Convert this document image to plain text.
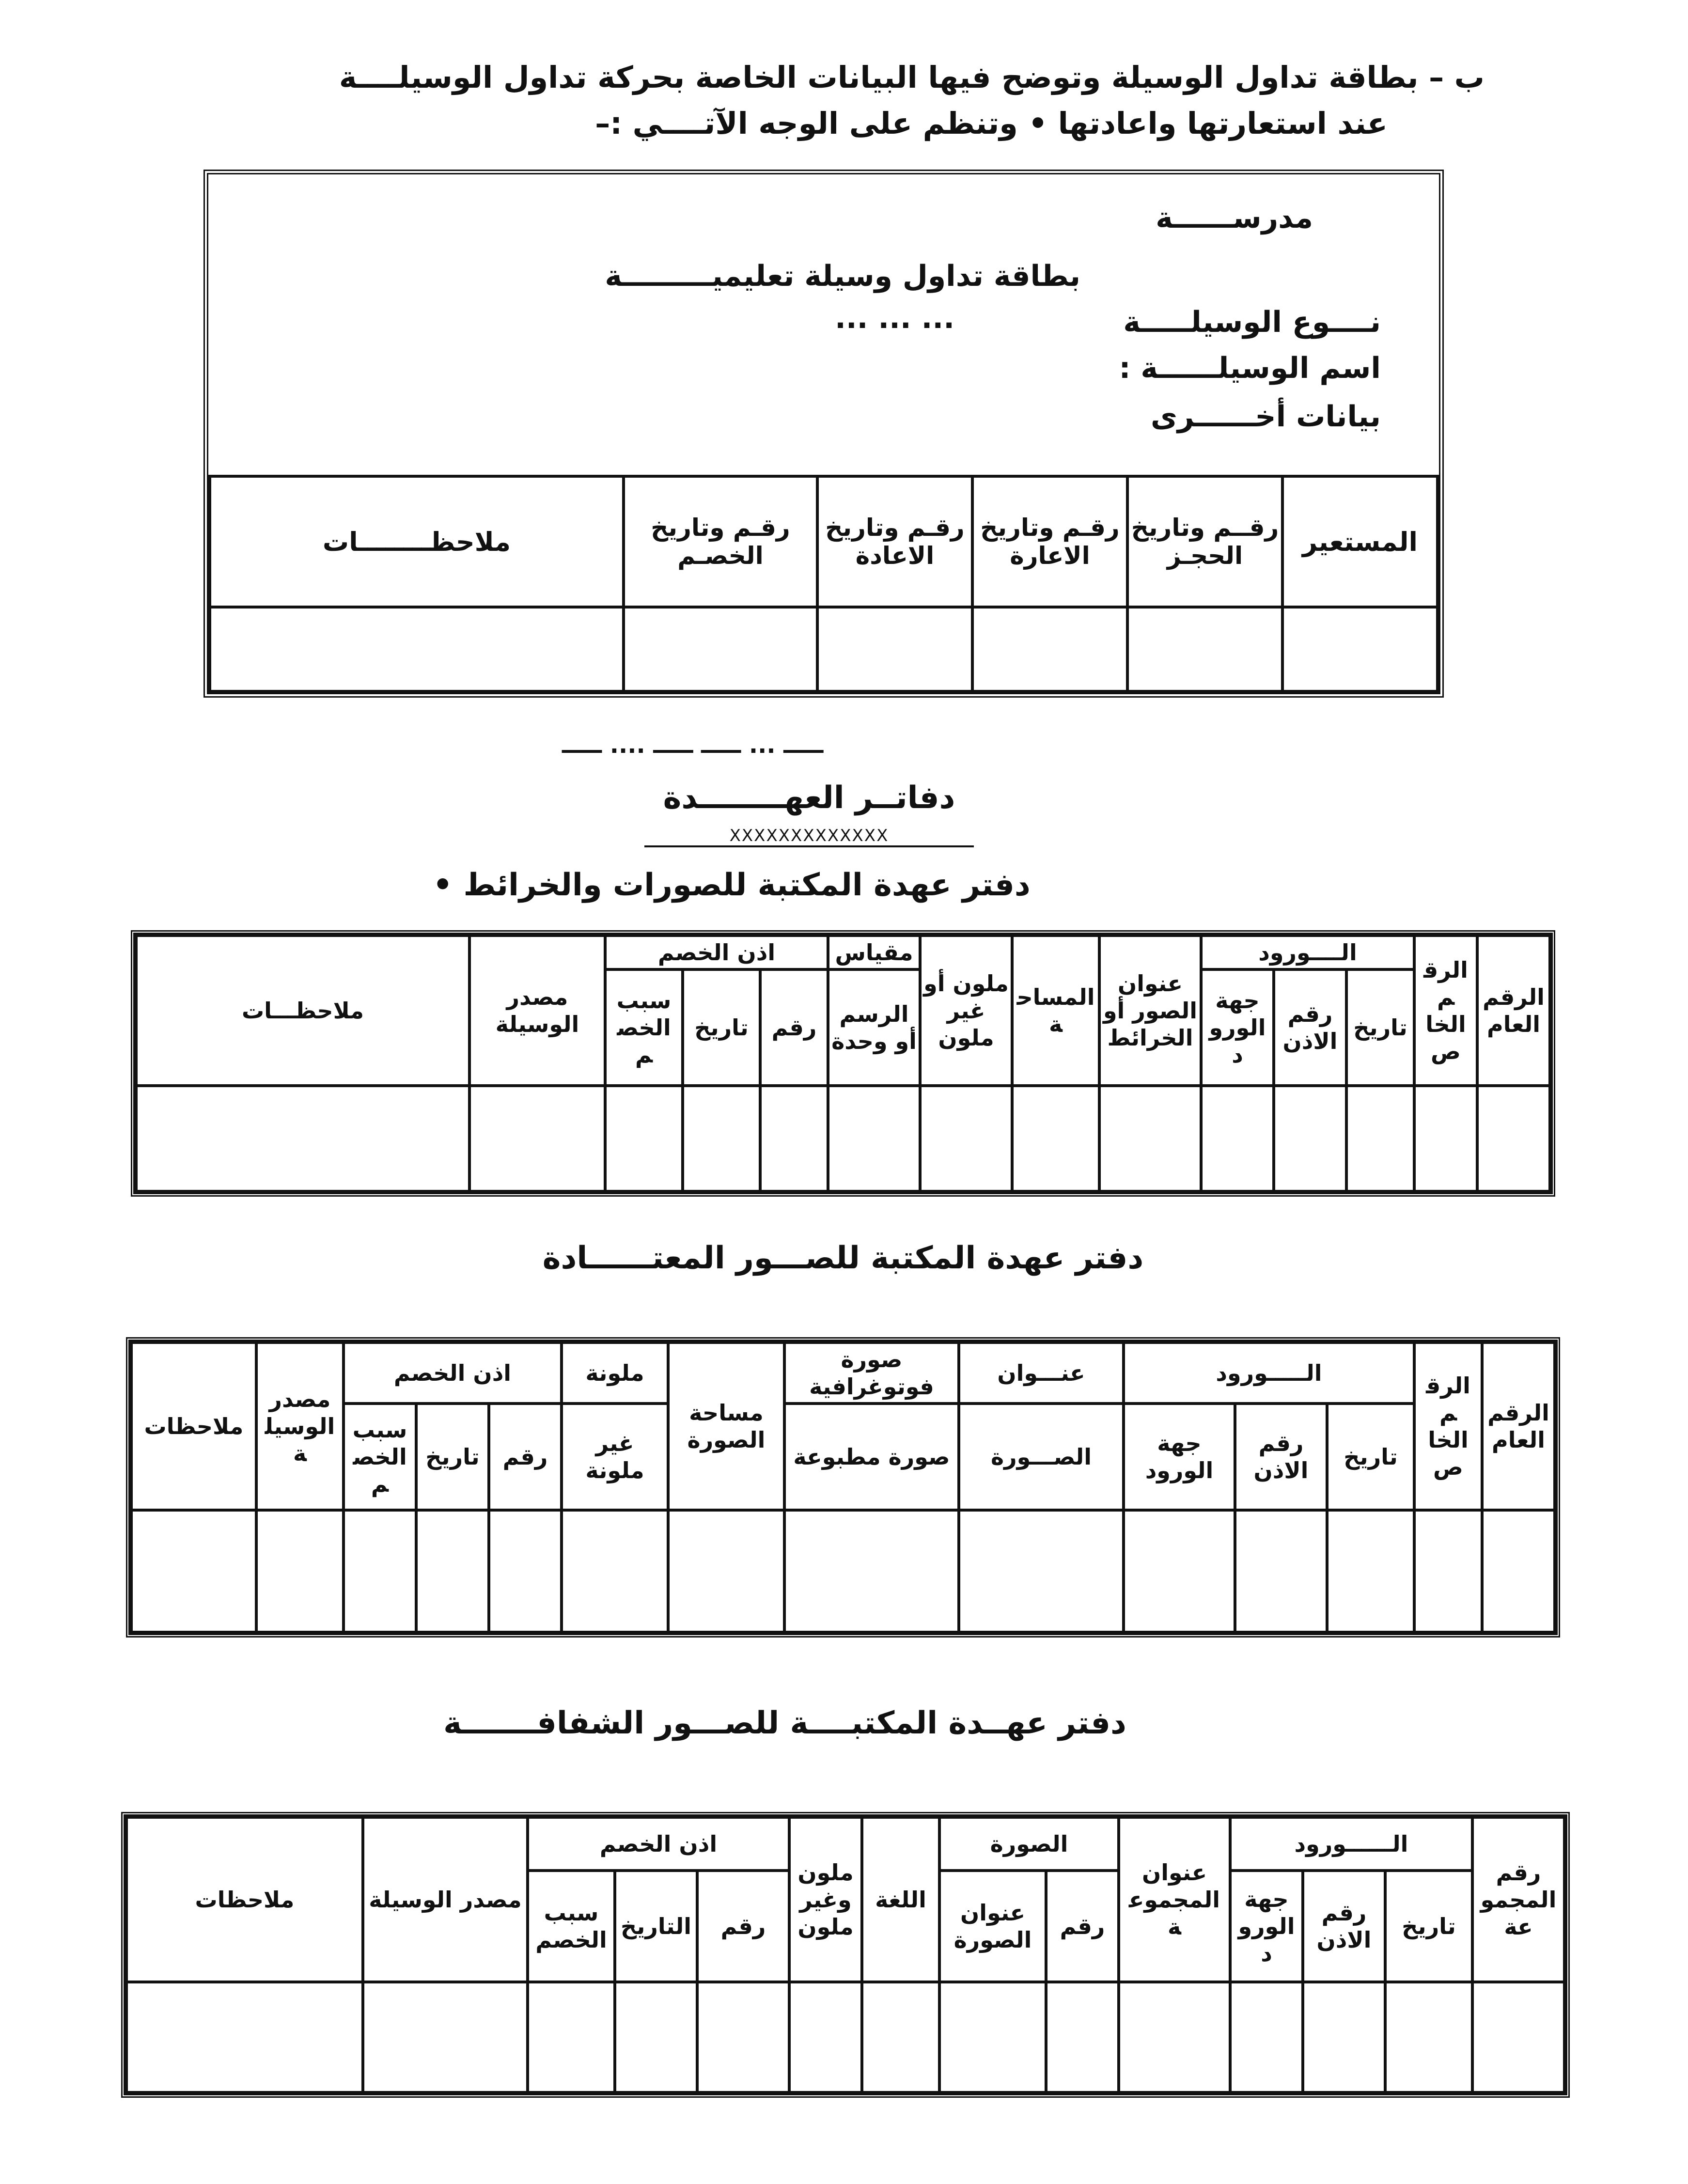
ب – بطاقة تداول الوسيلة وتوضح فيها البيانات الخاصة بحركة تداول الوسيلــــة
عند استعارتها واعادتها • وتنظم على الوجه الآتــــي :–
مدرســــــة
بطاقة تداول وسيلة تعليميـــــــــة
نــــوع الوسيلـــــة
... ... ...
اسم الوسيلــــــة :
بيانات أخــــــرى
المستعير	رقــم وتاريخ الحجـز	رقـم وتاريخ الاعارة	رقـم وتاريخ الاعادة	رقـم وتاريخ الخصـم	ملاحظــــــــات

ـــــ ... ـــــ ـــــ .... ـــــ
دفاتــر العهــــــــدة
XXXXXXXXXXXXX
دفتر عهدة المكتبة للصورات والخرائط •
الرقم العام	الرقم الخاص	الــــورود			عنوان الصور أو الخرائط	المساحة	ملون أو غير ملون	مقياس	اذن الخصم			مصدر الوسيلة	ملاحظـــات
		تاريخ	رقم الاذن	جهة الورود				الرسم أو وحدة	رقم	تاريخ	سبب الخصم		

دفتر عهدة المكتبة للصـــور المعتــــــادة
الرقم العام	الرقم الخاص	الـــــورود			عنـــوان	صورة فوتوغرافية	مساحة الصورة	ملونة	اذن الخصم			مصدر الوسيلة	ملاحظات
		تاريخ	رقم الاذن	جهة الورود	الصـــورة	صورة مطبوعة		غير ملونة	رقم	تاريخ	سبب الخصم		

دفتر عهــدة المكتبــــة للصـــور الشفافـــــــة
رقم المجموعة	الــــــورود			عنوان المجموعة	الصورة		اللغة	ملون وغير ملون	اذن الخصم			مصدر الوسيلة	ملاحظات
	تاريخ	رقم الاذن	جهة الورود		رقم	عنوان الصورة			رقم	التاريخ	سبب الخصم		
